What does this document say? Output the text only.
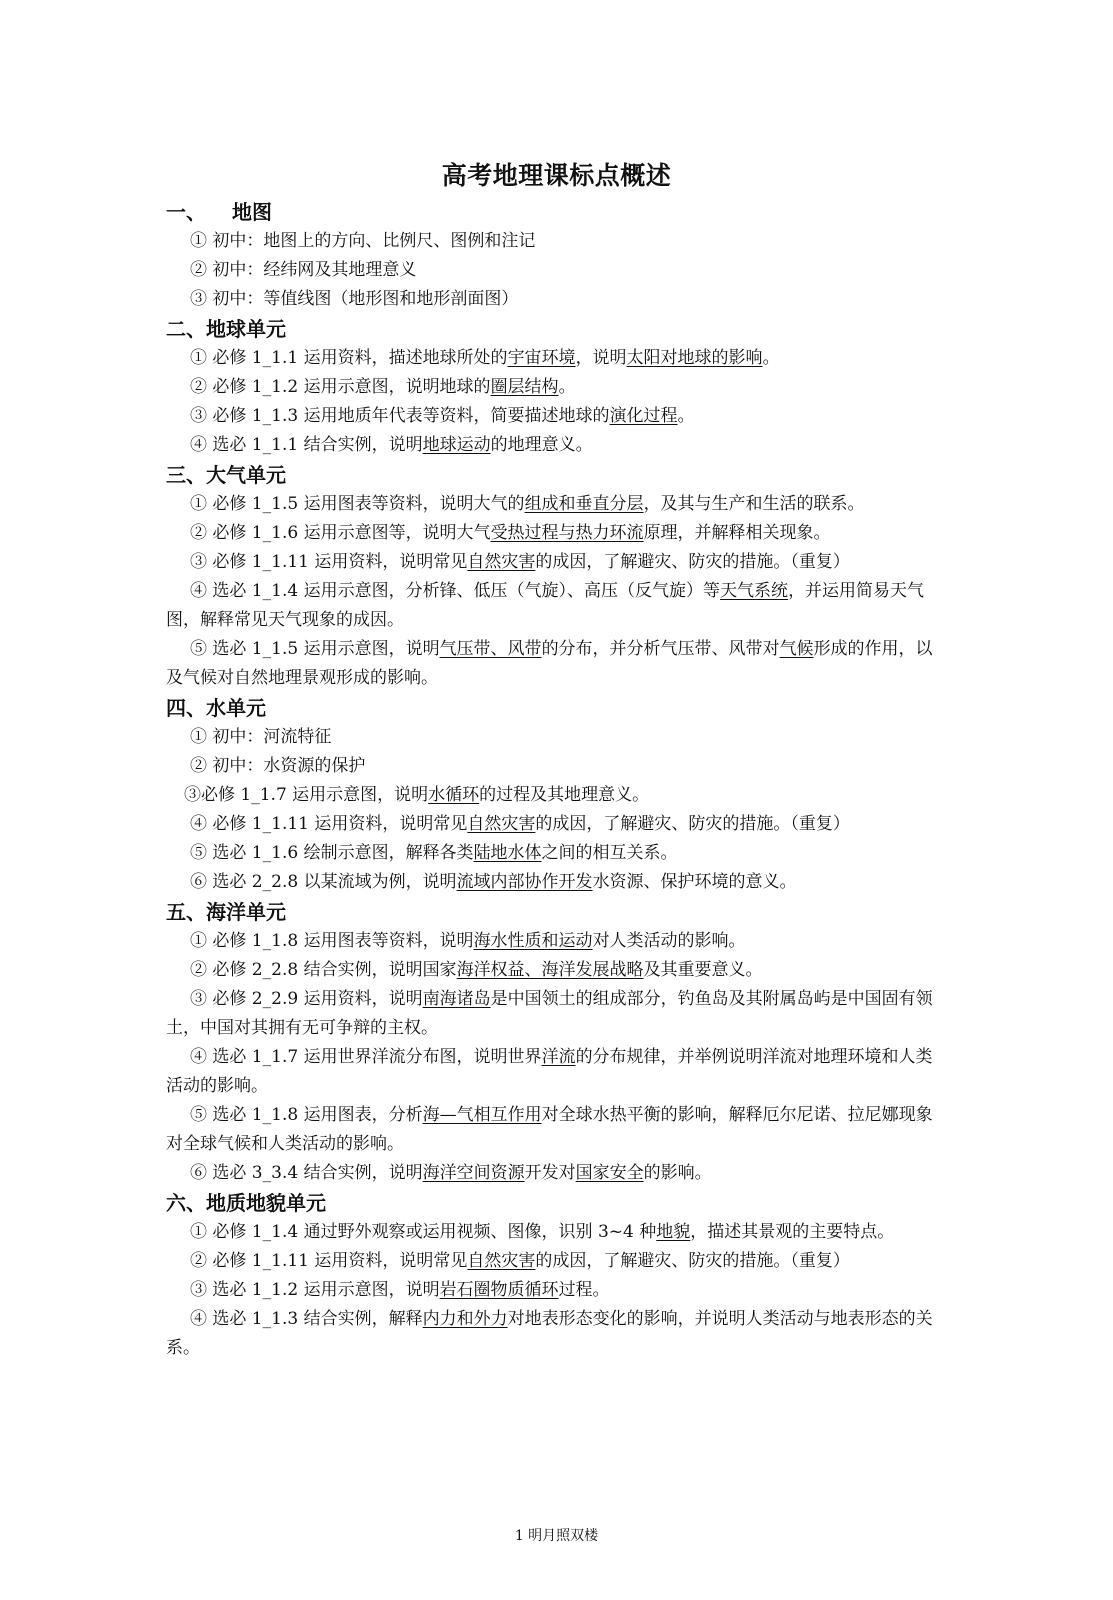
高考地理课标点概述
一、 地图
① 初中：地图上的方向、比例尺、图例和注记
② 初中：经纬网及其地理意义
③ 初中：等值线图（地形图和地形剖面图）
二、地球单元
① 必修 1_1.1 运用资料，描述地球所处的宇宙环境，说明太阳对地球的影响。
② 必修 1_1.2 运用示意图，说明地球的圈层结构。
③ 必修 1_1.3 运用地质年代表等资料，简要描述地球的演化过程。
④ 选必 1_1.1 结合实例，说明地球运动的地理意义。
三、大气单元
① 必修 1_1.5 运用图表等资料，说明大气的组成和垂直分层，及其与生产和生活的联系。
② 必修 1_1.6 运用示意图等，说明大气受热过程与热力环流原理，并解释相关现象。
③ 必修 1_1.11 运用资料，说明常见自然灾害的成因，了解避灾、防灾的措施。（重复）
④ 选必 1_1.4 运用示意图，分析锋、低压（气旋）、高压（反气旋）等天气系统，并运用简易天气图，解释常见天气现象的成因。
⑤ 选必 1_1.5 运用示意图，说明气压带、风带的分布，并分析气压带、风带对气候形成的作用，以及气候对自然地理景观形成的影响。
四、水单元
① 初中：河流特征
② 初中：水资源的保护
③必修 1_1.7 运用示意图，说明水循环的过程及其地理意义。
④ 必修 1_1.11 运用资料，说明常见自然灾害的成因，了解避灾、防灾的措施。（重复）
⑤ 选必 1_1.6 绘制示意图，解释各类陆地水体之间的相互关系。
⑥ 选必 2_2.8 以某流域为例，说明流域内部协作开发水资源、保护环境的意义。
五、海洋单元
① 必修 1_1.8 运用图表等资料，说明海水性质和运动对人类活动的影响。
② 必修 2_2.8 结合实例，说明国家海洋权益、海洋发展战略及其重要意义。
③ 必修 2_2.9 运用资料，说明南海诸岛是中国领土的组成部分，钓鱼岛及其附属岛屿是中国固有领土，中国对其拥有无可争辩的主权。
④ 选必 1_1.7 运用世界洋流分布图，说明世界洋流的分布规律，并举例说明洋流对地理环境和人类活动的影响。
⑤ 选必 1_1.8 运用图表，分析海—气相互作用对全球水热平衡的影响，解释厄尔尼诺、拉尼娜现象对全球气候和人类活动的影响。
⑥ 选必 3_3.4 结合实例，说明海洋空间资源开发对国家安全的影响。
六、地质地貌单元
① 必修 1_1.4 通过野外观察或运用视频、图像，识别 3~4 种地貌，描述其景观的主要特点。
② 必修 1_1.11 运用资料，说明常见自然灾害的成因，了解避灾、防灾的措施。（重复）
③ 选必 1_1.2 运用示意图，说明岩石圈物质循环过程。
④ 选必 1_1.3 结合实例，解释内力和外力对地表形态变化的影响，并说明人类活动与地表形态的关系。
1 明月照双楼
